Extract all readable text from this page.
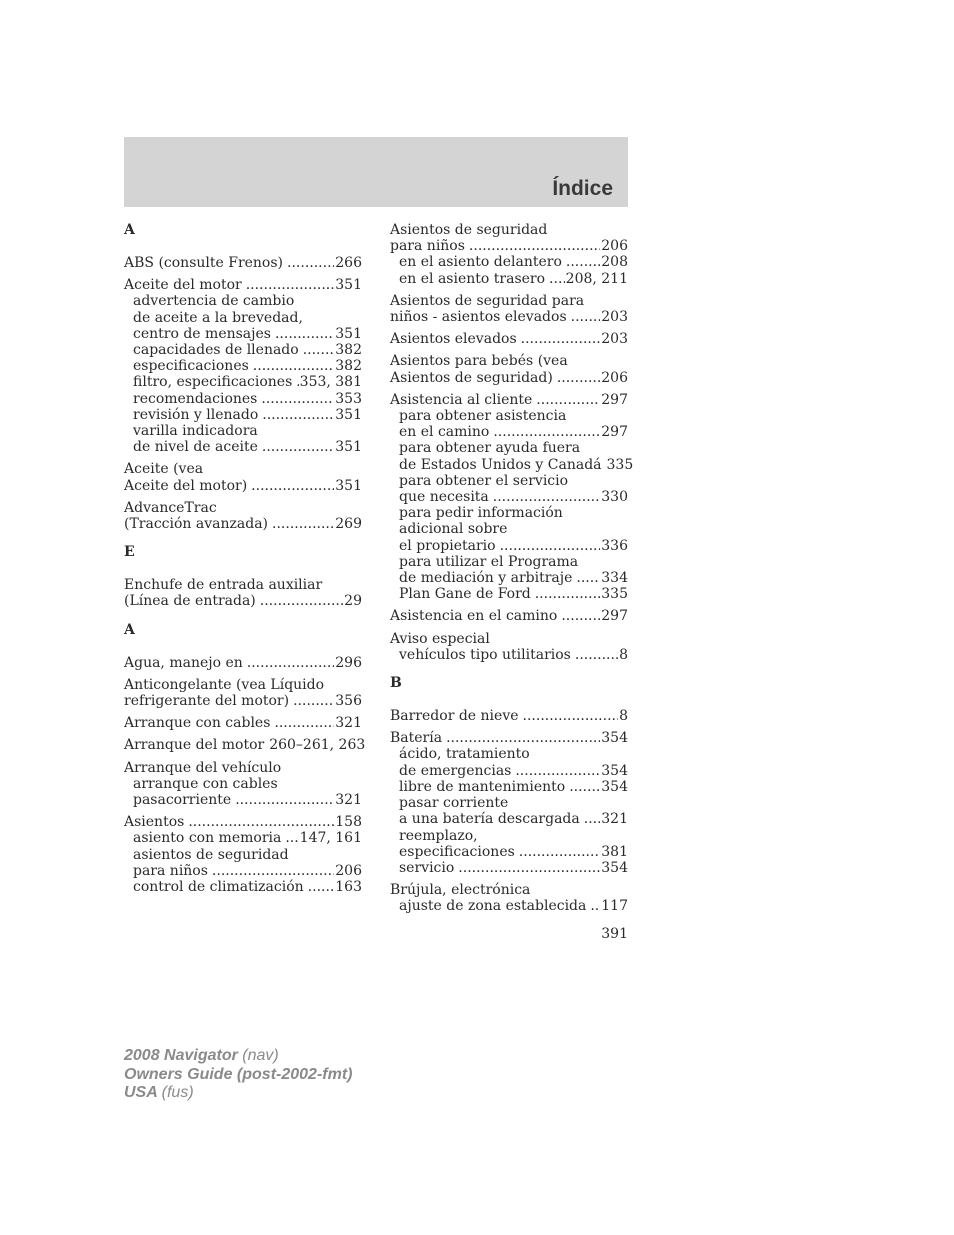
Índice
A
ABS (consulte Frenos) .....	266
Aceite del motor .....	351
advertencia de cambio
de aceite a la brevedad,
centro de mensajes .....	351
capacidades de llenado .....	382
especificaciones .....	382
filtro, especificaciones ..... 353, 381
recomendaciones .....	353
revisión y llenado .....	351
varilla indicadora
de nivel de aceite .....	351
Aceite (vea
Aceite del motor) .....	351
AdvanceTrac
(Tracción avanzada) .....	269
E
Enchufe de entrada auxiliar
(Línea de entrada) .....	29
A
Agua, manejo en .....	296
Anticongelante (vea Líquido
refrigerante del motor) .....	356
Arranque con cables .....	321
Arranque del motor 260–261, 263
Arranque del vehículo
arranque con cables
pasacorriente .....	321
Asientos .....	158
asiento con memoria ..... 147, 161
asientos de seguridad
para niños .....	206
control de climatización ..... 163
Asientos de seguridad
para niños .....	206
en el asiento delantero .....	208
en el asiento trasero ..... 208, 211
Asientos de seguridad para
niños - asientos elevados ..... 203
Asientos elevados .....	203
Asientos para bebés (vea
Asientos de seguridad) .....	206
Asistencia al cliente .....	297
para obtener asistencia
en el camino .....	297
para obtener ayuda fuera
de Estados Unidos y Canadá 335
para obtener el servicio
que necesita .....	330
para pedir información
adicional sobre
el propietario .....	336
para utilizar el Programa
de mediación y arbitraje ..... 334
Plan Gane de Ford .....	335
Asistencia en el camino .....	297
Aviso especial
vehículos tipo utilitarios .....	8
B
Barredor de nieve .....	8
Batería .....	354
ácido, tratamiento
de emergencias .....	354
libre de mantenimiento .....	354
pasar corriente
a una batería descargada ..... 321
reemplazo,
especificaciones .....	381
servicio .....	354
Brújula, electrónica
ajuste de zona establecida ..... 117
391
2008 Navigator (nav)
Owners Guide (post-2002-fmt)
USA (fus)
